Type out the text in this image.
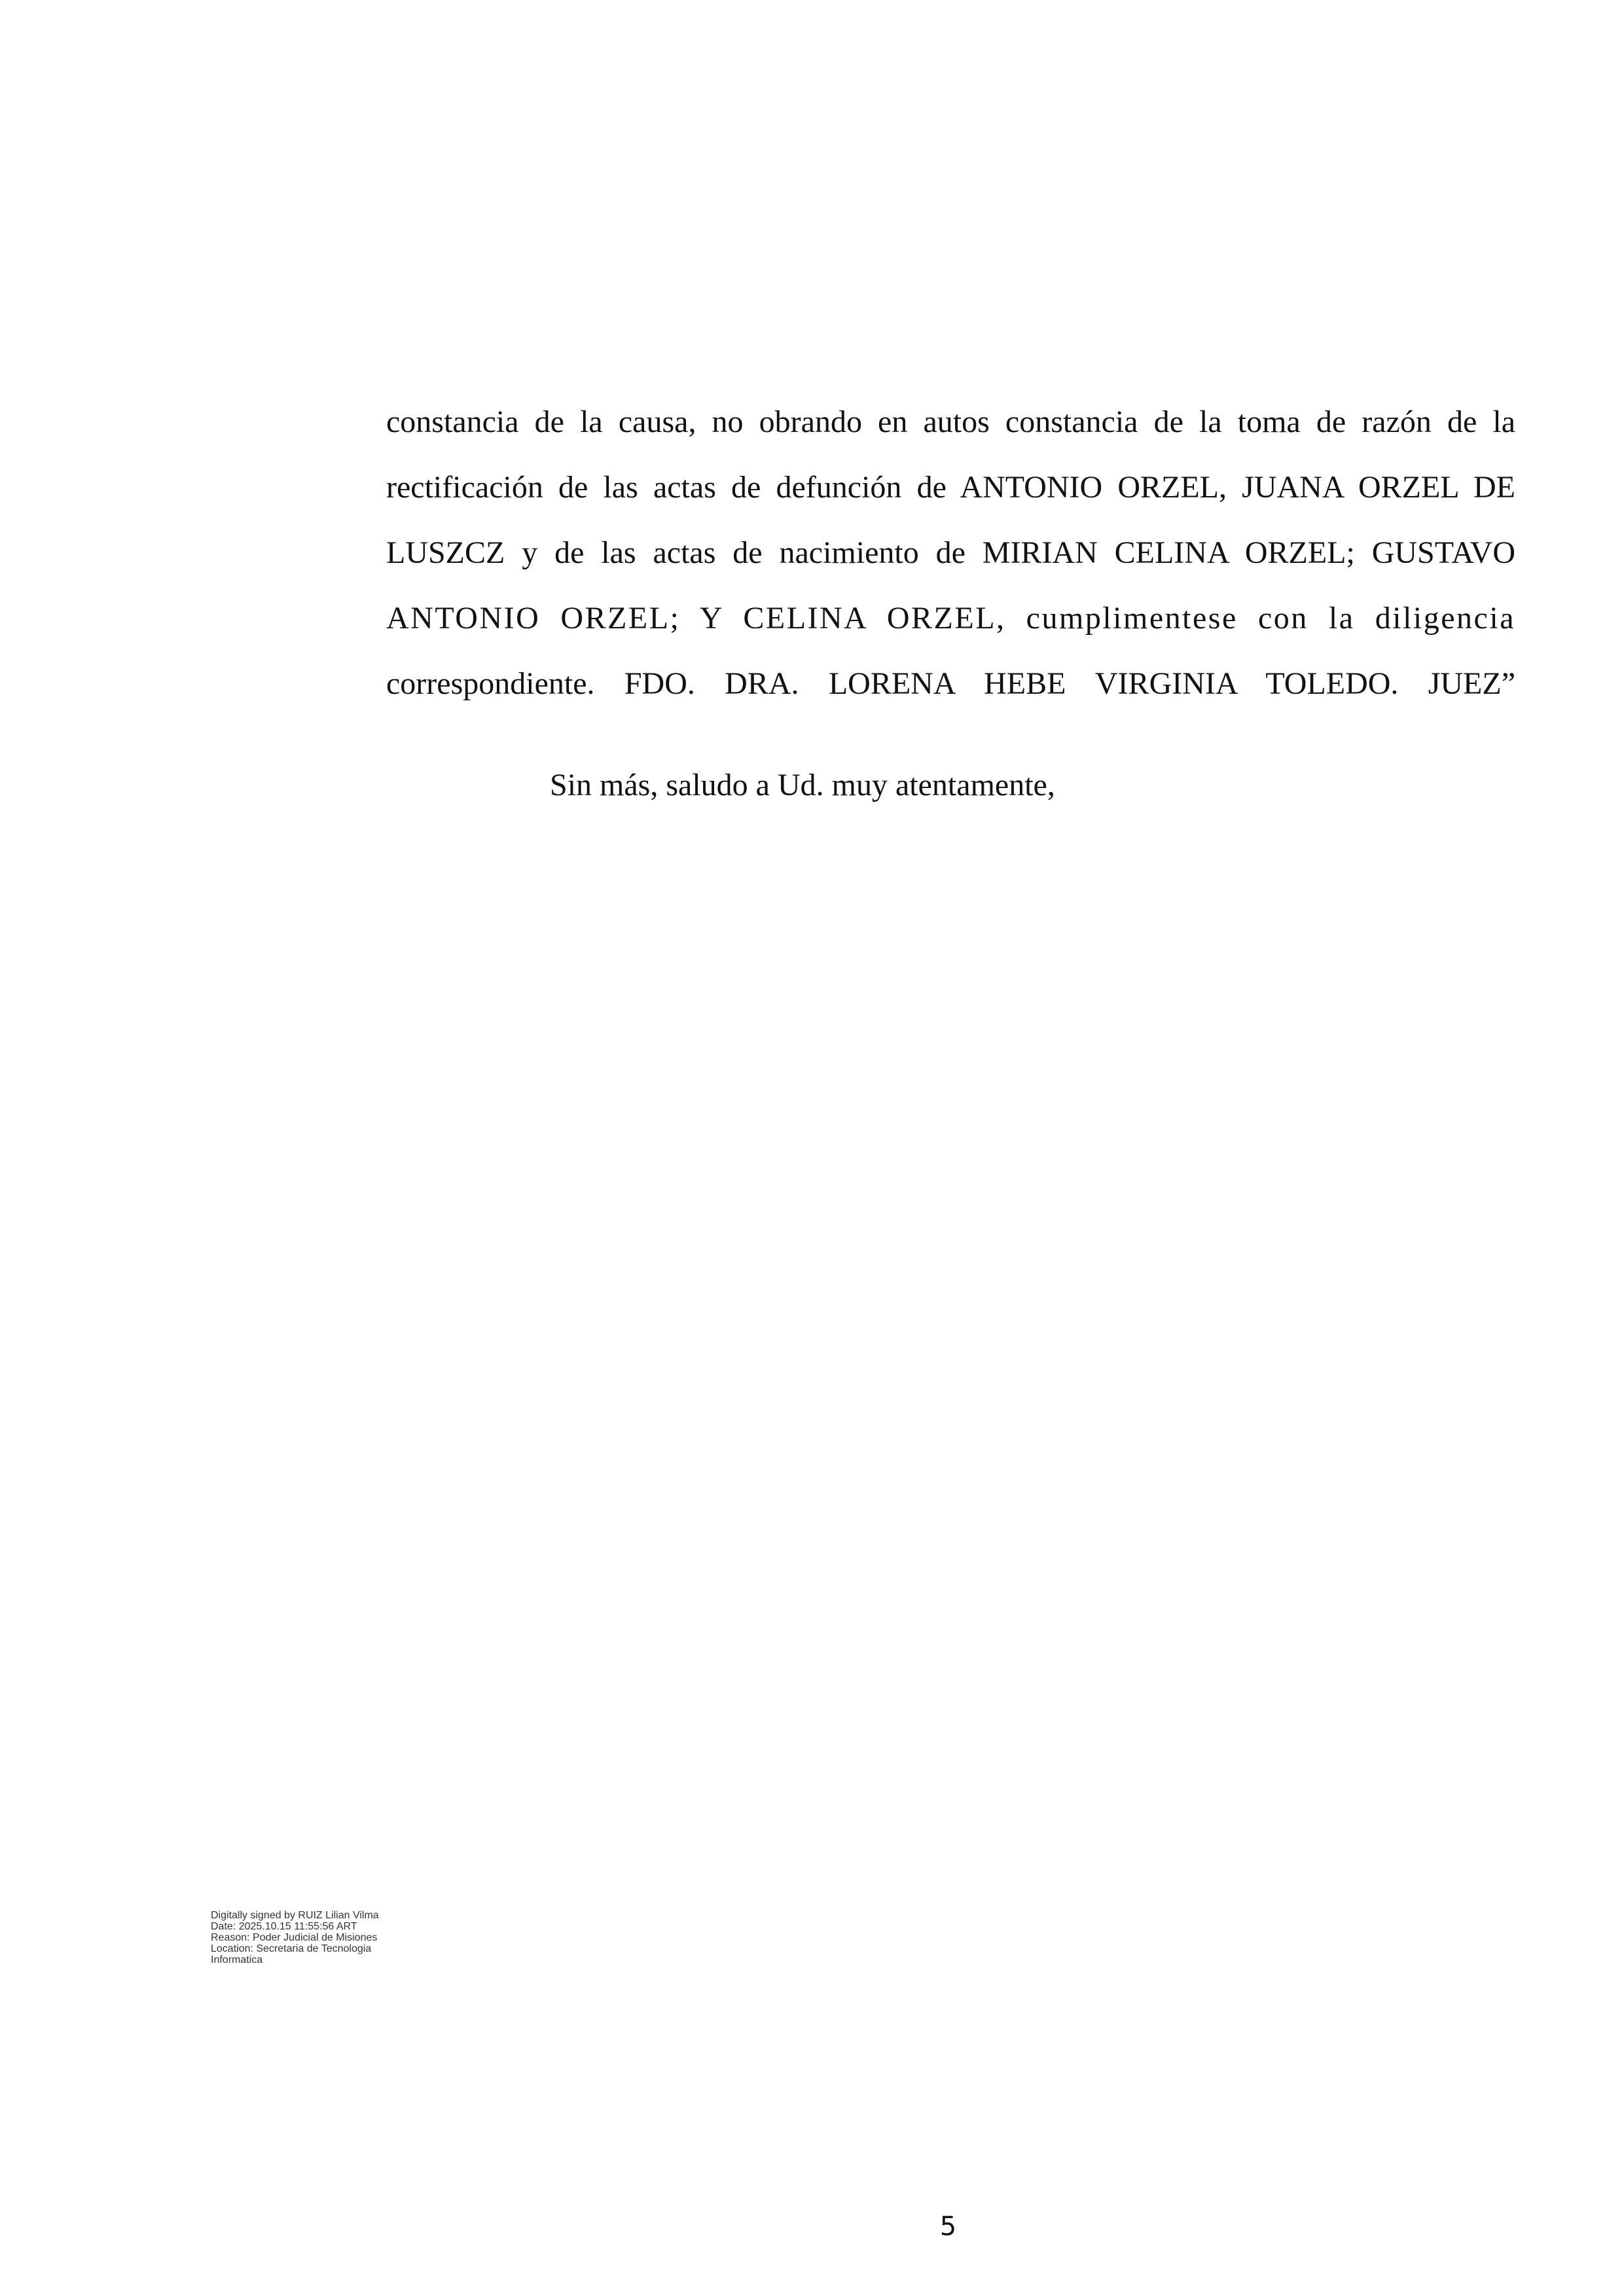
constancia de la causa, no obrando en autos constancia de la toma de razón de la
rectificación de las actas de defunción de ANTONIO ORZEL, JUANA ORZEL DE
LUSZCZ y de las actas de nacimiento de MIRIAN CELINA ORZEL; GUSTAVO
ANTONIO ORZEL; Y CELINA ORZEL, cumplimentese con la diligencia
correspondiente. FDO. DRA. LORENA HEBE VIRGINIA TOLEDO. JUEZ”

Sin más, saludo a Ud. muy atentamente,

Digitally signed by RUIZ Lilian Vilma
Date: 2025.10.15 11:55:56 ART
Reason: Poder Judicial de Misiones
Location: Secretaria de Tecnologia
Informatica
5
